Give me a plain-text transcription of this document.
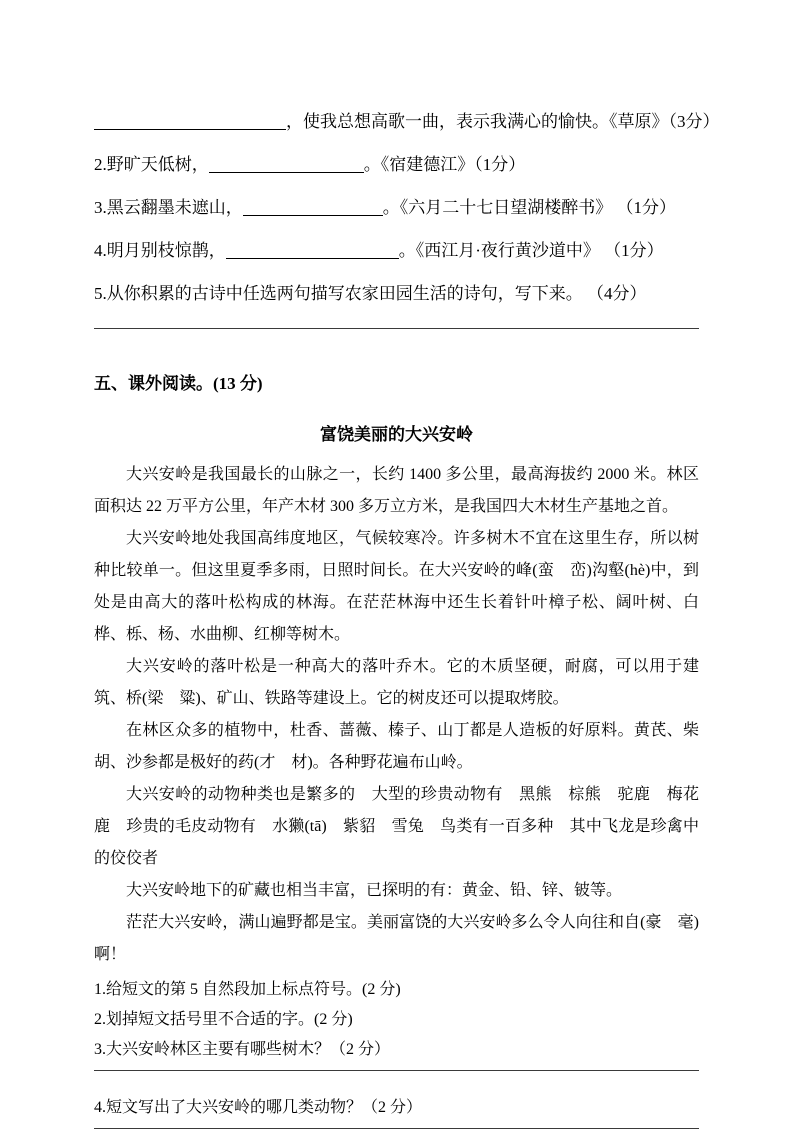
，使我总想高歌一曲，表示我满心的愉快。《草原》（3分）
2.野旷天低树，	。《宿建德江》（1分）
3.黑云翻墨未遮山，	。《六月二十七日望湖楼醉书》 （1分）
4.明月别枝惊鹊，	。《西江月·夜行黄沙道中》 （1分）
5.从你积累的古诗中任选两句描写农家田园生活的诗句，写下来。 （4分）
五、课外阅读。(13 分)
富饶美丽的大兴安岭

大兴安岭是我国最长的山脉之一，长约 1400 多公里，最高海拔约 2000 米。林区面积达 22 万平方公里，年产木材 300 多万立方米，是我国四大木材生产基地之首。

大兴安岭地处我国高纬度地区，气候较寒冷。许多树木不宜在这里生存，所以树种比较单一。但这里夏季多雨，日照时间长。在大兴安岭的峰(蛮　峦)沟壑(hè)中，到处是由高大的落叶松构成的林海。在茫茫林海中还生长着针叶樟子松、阔叶树、白桦、栎、杨、水曲柳、红柳等树木。

大兴安岭的落叶松是一种高大的落叶乔木。它的木质坚硬，耐腐，可以用于建筑、桥(梁　粱)、矿山、铁路等建设上。它的树皮还可以提取烤胶。

在林区众多的植物中，杜香、蔷薇、榛子、山丁都是人造板的好原料。黄芪、柴胡、沙参都是极好的药(才　材)。各种野花遍布山岭。

大兴安岭的动物种类也是繁多的　大型的珍贵动物有　黑熊　棕熊　驼鹿　梅花鹿　珍贵的毛皮动物有　水獭(tā)　紫貂　雪兔　鸟类有一百多种　其中飞龙是珍禽中的佼佼者

大兴安岭地下的矿藏也相当丰富，已探明的有：黄金、铅、锌、铍等。

茫茫大兴安岭，满山遍野都是宝。美丽富饶的大兴安岭多么令人向往和自(豪　毫)啊！

1.给短文的第 5 自然段加上标点符号。(2 分)
2.划掉短文括号里不合适的字。(2 分)
3.大兴安岭林区主要有哪些树木？（2 分）
4.短文写出了大兴安岭的哪几类动物？（2 分）
